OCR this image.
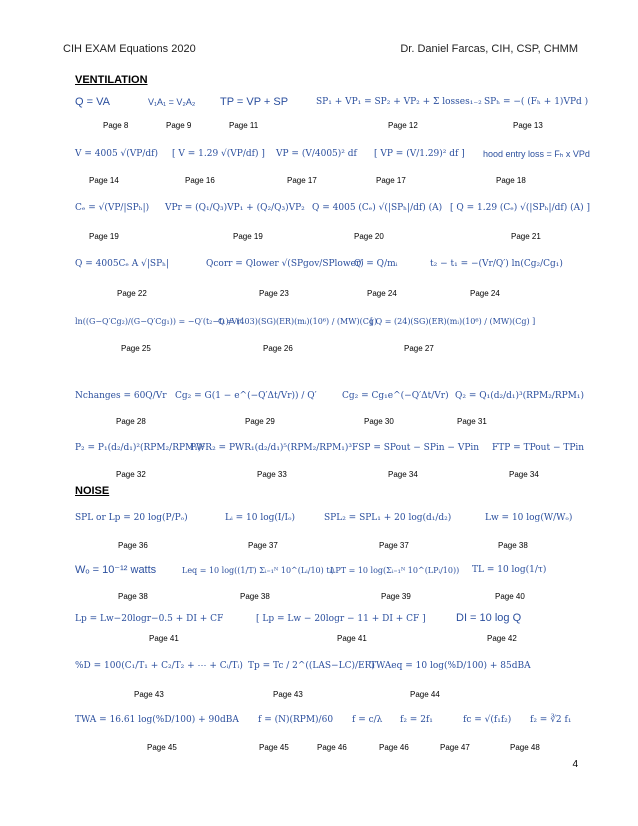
CIH EXAM Equations 2020	Dr. Daniel Farcas, CIH, CSP, CHMM
VENTILATION
Q = VA	V₁A₁ = V₂A₂ TP = VP + SP	SP₁ + VP₁ = SP₂ + VP₂ + Σ losses₁₋₂ SPₕ = −( (Fₕ + 1)VPd )
Page 8	Page 9	Page 11	Page 12	Page 13
V = 4005 √(VP/df) [ V = 1.29 √(VP/df) ] VP = (V/4005)² df [ VP = (V/1.29)² df ] hood entry loss = Fₕ x VPd
Page 14	Page 16	Page 17	Page 17	Page 18
Cₑ = √(VP/|SPₕ|) VPr = (Q₁/Q₃)VP₁ + (Q₂/Q₃)VP₂ Q = 4005 (Cₑ) √(|SPₕ|/df) (A) [ Q = 1.29 (Cₑ) √(|SPₕ|/df) (A) ]
Page 19	Page 19	Page 20	Page 21
Q = 4005Cₑ A √|SPₕ|	Qcorr = Qlower √(SPgov/SPlower)
Q′ = Q/mᵢ	t₂ − t₁ = −(Vr/Q′) ln(Cg₂/Cg₁)
Page 22	Page 23	Page 24	Page 24
ln((G−Q′Cg₂)/(G−Q′Cg₁)) = −Q′(t₂−t₁)/Vr
Q = (403)(SG)(ER)(mᵢ)(10⁶) / (MW)(Cg)
[ Q = (24)(SG)(ER)(mᵢ)(10⁶) / (MW)(Cg) ]
Page 25	Page 26	Page 27
Nchanges = 60Q/Vr Cg₂ = G(1 − e^(−Q′Δt/Vr)) / Q′	Cg₂ = Cg₁e^(−Q′Δt/Vr) Q₂ = Q₁(d₂/d₁)³(RPM₂/RPM₁)
Page 28	Page 29	Page 30	Page 31
P₂ = P₁(d₂/d₁)²(RPM₂/RPM₁)²
PWR₂ = PWR₁(d₂/d₁)⁵(RPM₂/RPM₁)³ FSP = SPout − SPin − VPin FTP = TPout − TPin
Page 32	Page 33	Page 34	Page 34
NOISE
SPL or Lp = 20 log(P/Pₒ)	Lᵢ = 10 log(I/Iₒ)	SPL₂ = SPL₁ + 20 log(d₁/d₂)	Lw = 10 log(W/Wₒ)
Page 36	Page 37	Page 37	Page 38
Wₒ = 10⁻¹² watts	Leq = 10 log((1/T) Σᵢ₌₁ᴺ 10^(Lᵢ/10) tᵢ)
LPT = 10 log(Σᵢ₌₁ᴺ 10^(LPᵢ/10)) TL = 10 log(1/τ)
Page 38	Page 38	Page 39	Page 40
Lp = Lw−20logr−0.5 + DI + CF	[ Lp = Lw − 20logr − 11 + DI + CF ]	DI = 10 log Q
Page 41	Page 41	Page 42
%D = 100(C₁/T₁ + C₂/T₂ + ⋯ + Cᵢ/Tᵢ) Tp = Tc / 2^((LAS−LC)/ER)
TWAeq = 10 log(%D/100) + 85dBA
Page 43	Page 43	Page 44
TWA = 16.61 log(%D/100) + 90dBA f = (N)(RPM)/60 f = c/λ f₂ = 2f₁	fc = √(f₁f₂) f₂ = ∛2 f₁
Page 45	Page 45	Page 46	Page 46	Page 47	Page 48
4
